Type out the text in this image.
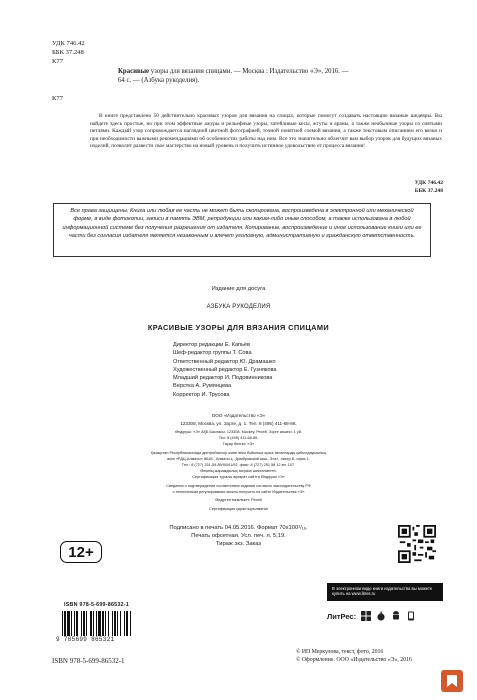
УДК 746.42
ББК 37.248
К77
Красивые узоры для вязания спицами. — Москва : Издательство «Э», 2016. —
64 с. — (Азбука рукоделия).
К77

В книге представлено 50 действительно красивых узоров для вязания на спицах, которые помогут создавать настоящие вязаные шедевры. Вы найдете здесь простые, но при этом эффектные ажуры и рельефные узоры, затейливые косы, жгуты и араны, а также необычные узоры со снятыми петлями. Каждый узор сопровождается наглядной цветной фотографией, точной понятной схемой вязания, а также текстовым описанием его вязки и при необходимости важными рекомендациями об особенностях работы над ним. Все это значительно облегчит вам выбор узоров для будущих вязаных изделий, позволит развести свое мастерство на новый уровень и получить истинное удовольствие от процесса вязания!

УДК 746.42
ББК 37.248
Все права защищены. Книга или любая ее часть не может быть скопирована, воспроизведена в электронной или механической форме, в виде фотокопии, записи в память ЭВМ, репродукции или каким-либо иным способом, а также использована в любой информационной системе без получения разрешения от издателя. Копирование, воспроизведение и иное использование книги или ее части без согласия издателя является незаконным и влечет уголовную, административную и гражданскую ответственность.
Издание для досуга
АЗБУКА РУКОДЕЛИЯ
КРАСИВЫЕ УЗОРЫ ДЛЯ ВЯЗАНИЯ СПИЦАМИ
Директор редакции Е. Капьёв
Шеф-редактор группы Т. Сова
Ответственный редактор Ю. Драмашко
Художественный редактор Е. Гузнякова
Младший редактор И. Подовинникова
Верстка А. Румянцева
Корректор И. Трусова
ООО «Издательство «Э»
123308, Москва, ул. Зорге, д. 1. Тел. 8 (495) 411-68-86.
Өндіруші: «Э» АҚБ Баспасы, 123308, Мәскеу, Ресей, Зорге көшесі, 1 үй.
Тел. 8 (495) 411-68-86.
Тауар белгісі: «Э»
Қазақстан Республикасында дистрибьютор және өнім бойынша арыз-талаптарды қабылдаушының
өкілі «РДЦ-Алматы» ЖШС, Алматы қ., Домбровский көш., 3«а», литер Б, офис 1.
Тел.: 8 (727) 251-59-89/90/91/92, факс: 8 (727) 251 58 12 вн. 107.
Өнімнің жарамдылық мерзімі шектелмеген.
Сертификация туралы ақпарат сайтта Өндіруші «Э»
Сведения о подтверждении соответствия издания согласно законодательству РФ
о техническом регулировании можно получить на сайте Издательства «Э»
Өндірген мемлекет: Ресей
Сертификация қарастырылмаған
Подписано в печать 04.05.2016. Формат 70x100¹/₁₆.
Печать офсетная. Усл. печ. л. 5,19.
Тираж экз. Заказ
12+
В электронном виде книги издательства вы можете купить на www.litres.ru
ЛитРес:
ISBN 978-5-699-86532-1
9 785699 865321
ISBN 978-5-699-86532-1
© ИП Меркулова, текст, фото, 2016
© Оформление. ООО «Издательство «Э», 2016
